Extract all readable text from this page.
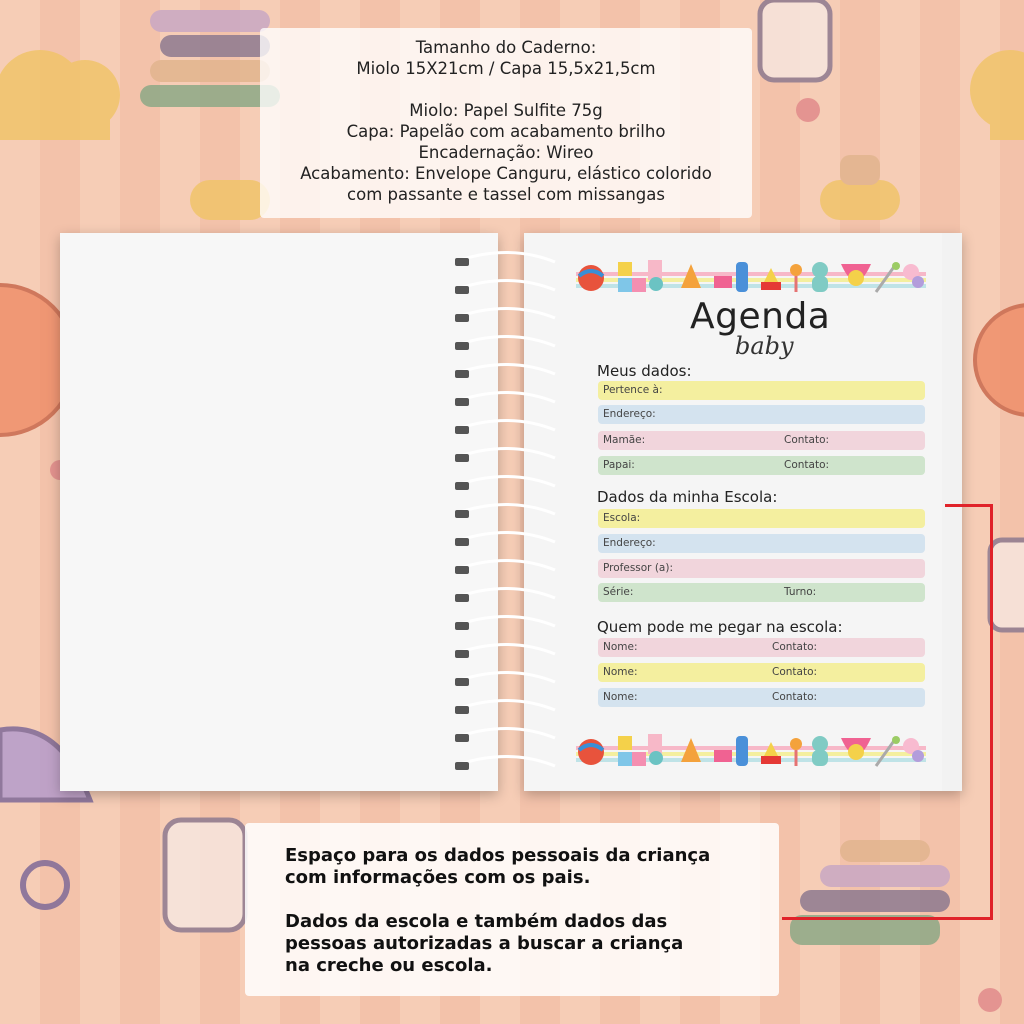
Tamanho do Caderno:
Miolo 15X21cm / Capa 15,5x21,5cm
Miolo: Papel Sulfite 75g
Capa: Papelão com acabamento brilho
Encadernação: Wireo
Acabamento: Envelope Canguru, elástico colorido
com passante e tassel com missangas
Agenda
baby
Meus dados:
Pertence à:
Endereço:
Mamãe:	Contato:
Papai:	Contato:
Dados da minha Escola:
Escola:
Endereço:
Professor (a):
Série:	Turno:
Quem pode me pegar na escola:
Nome:	Contato:
Nome:	Contato:
Nome:	Contato:
Espaço para os dados pessoais da criança
com informações com os pais.
Dados da escola e também dados das
pessoas autorizadas a buscar a criança
na creche ou escola.
